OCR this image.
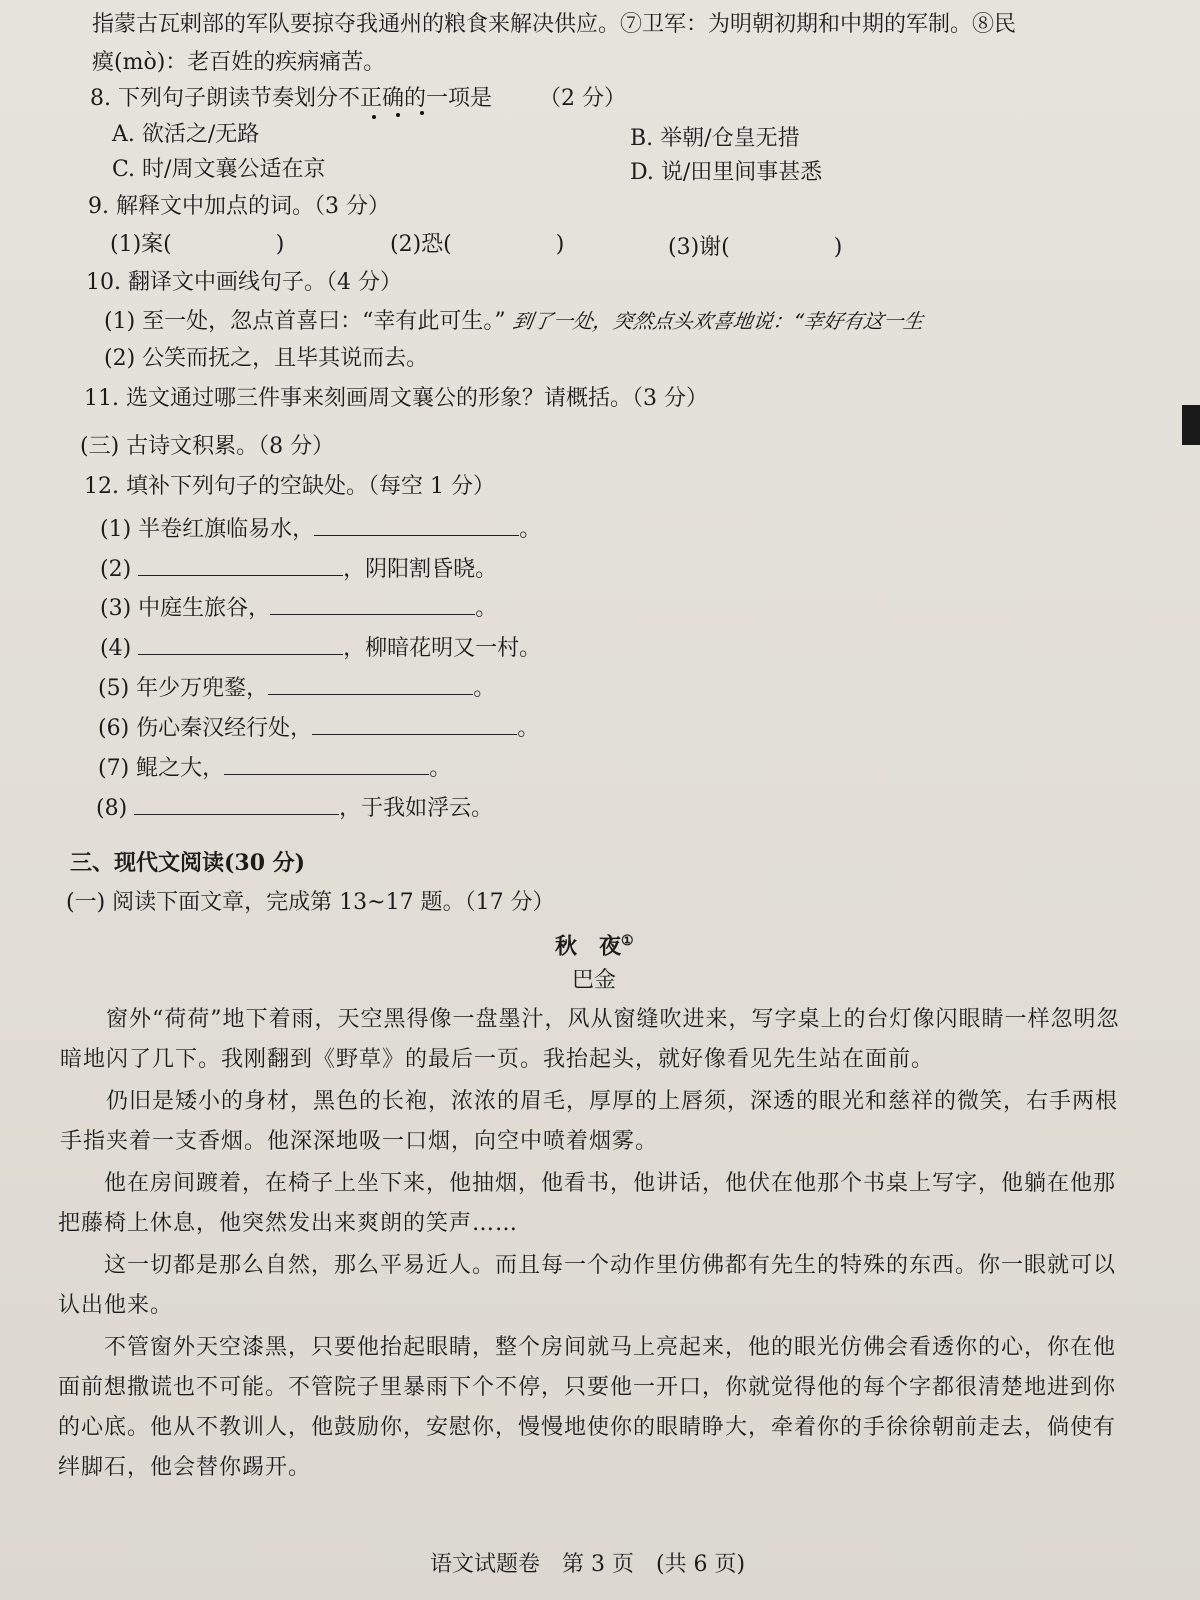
指蒙古瓦剌部的军队要掠夺我通州的粮食来解决供应。⑦卫军：为明朝初期和中期的军制。⑧民
瘼(mò)：老百姓的疾病痛苦。
8. 下列句子朗读节奏划分不正确的一项是 （2 分）
A. 欲活之/无路	B. 举朝/仓皇无措
C. 时/周文襄公适在京	D. 说/田里间事甚悉
9. 解释文中加点的词。（3 分）
(1)案(	)	(2)恐(	)	(3)谢(	)
10. 翻译文中画线句子。（4 分）
(1) 至一处，忽点首喜曰：“幸有此可生。” 到了一处，突然点头欢喜地说：“幸好有这一生
(2) 公笑而抚之，且毕其说而去。
11. 选文通过哪三件事来刻画周文襄公的形象？请概括。（3 分）
(三) 古诗文积累。（8 分）
12. 填补下列句子的空缺处。（每空 1 分）
(1) 半卷红旗临易水，	。
(2)	，阴阳割昏晓。
(3) 中庭生旅谷，	。
(4)	，柳暗花明又一村。
(5) 年少万兜鍪，	。
(6) 伤心秦汉经行处，	。
(7) 鲲之大，	。
(8)	，于我如浮云。
三、现代文阅读(30 分)
(一) 阅读下面文章，完成第 13~17 题。（17 分）
秋　夜①
巴金
窗外“荷荷”地下着雨，天空黑得像一盘墨汁，风从窗缝吹进来，写字桌上的台灯像闪眼睛一样忽明忽暗地闪了几下。我刚翻到《野草》的最后一页。我抬起头，就好像看见先生站在面前。
仍旧是矮小的身材，黑色的长袍，浓浓的眉毛，厚厚的上唇须，深透的眼光和慈祥的微笑，右手两根手指夹着一支香烟。他深深地吸一口烟，向空中喷着烟雾。
他在房间踱着，在椅子上坐下来，他抽烟，他看书，他讲话，他伏在他那个书桌上写字，他躺在他那把藤椅上休息，他突然发出来爽朗的笑声……
这一切都是那么自然，那么平易近人。而且每一个动作里仿佛都有先生的特殊的东西。你一眼就可以认出他来。
不管窗外天空漆黑，只要他抬起眼睛，整个房间就马上亮起来，他的眼光仿佛会看透你的心，你在他面前想撒谎也不可能。不管院子里暴雨下个不停，只要他一开口，你就觉得他的每个字都很清楚地进到你的心底。他从不教训人，他鼓励你，安慰你，慢慢地使你的眼睛睁大，牵着你的手徐徐朝前走去，倘使有绊脚石，他会替你踢开。
语文试题卷　第 3 页　(共 6 页)
